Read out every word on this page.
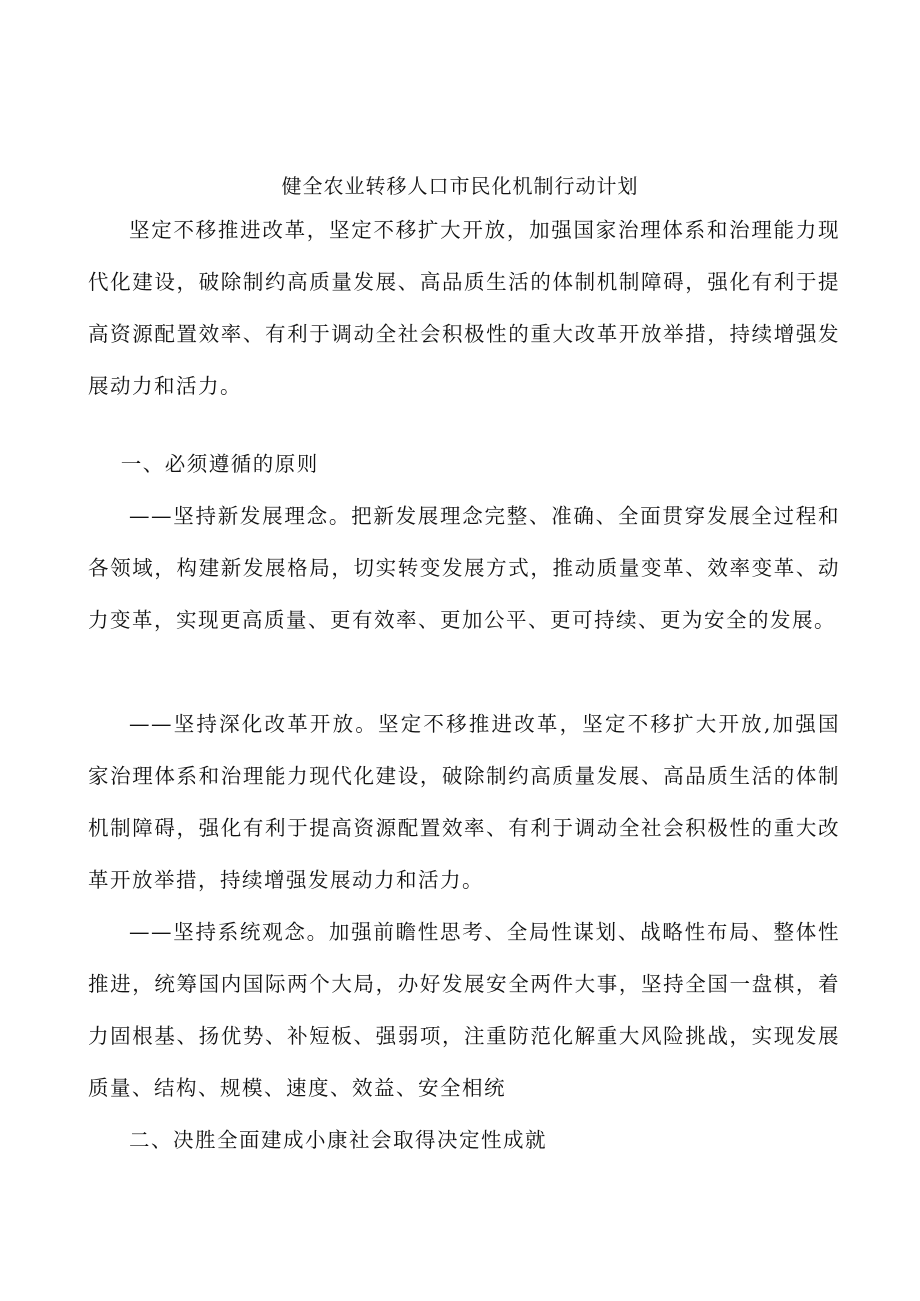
健全农业转移人口市民化机制行动计划

坚定不移推进改革，坚定不移扩大开放，加强国家治理体系和治理能力现代化建设，破除制约高质量发展、高品质生活的体制机制障碍，强化有利于提高资源配置效率、有利于调动全社会积极性的重大改革开放举措，持续增强发展动力和活力。

一、必须遵循的原则

——坚持新发展理念。把新发展理念完整、准确、全面贯穿发展全过程和各领域，构建新发展格局，切实转变发展方式，推动质量变革、效率变革、动力变革，实现更高质量、更有效率、更加公平、更可持续、更为安全的发展。

——坚持深化改革开放。坚定不移推进改革，坚定不移扩大开放,加强国家治理体系和治理能力现代化建设，破除制约高质量发展、高品质生活的体制机制障碍，强化有利于提高资源配置效率、有利于调动全社会积极性的重大改革开放举措，持续增强发展动力和活力。

——坚持系统观念。加强前瞻性思考、全局性谋划、战略性布局、整体性推进，统筹国内国际两个大局，办好发展安全两件大事，坚持全国一盘棋，着力固根基、扬优势、补短板、强弱项，注重防范化解重大风险挑战，实现发展质量、结构、规模、速度、效益、安全相统

二、决胜全面建成小康社会取得决定性成就
